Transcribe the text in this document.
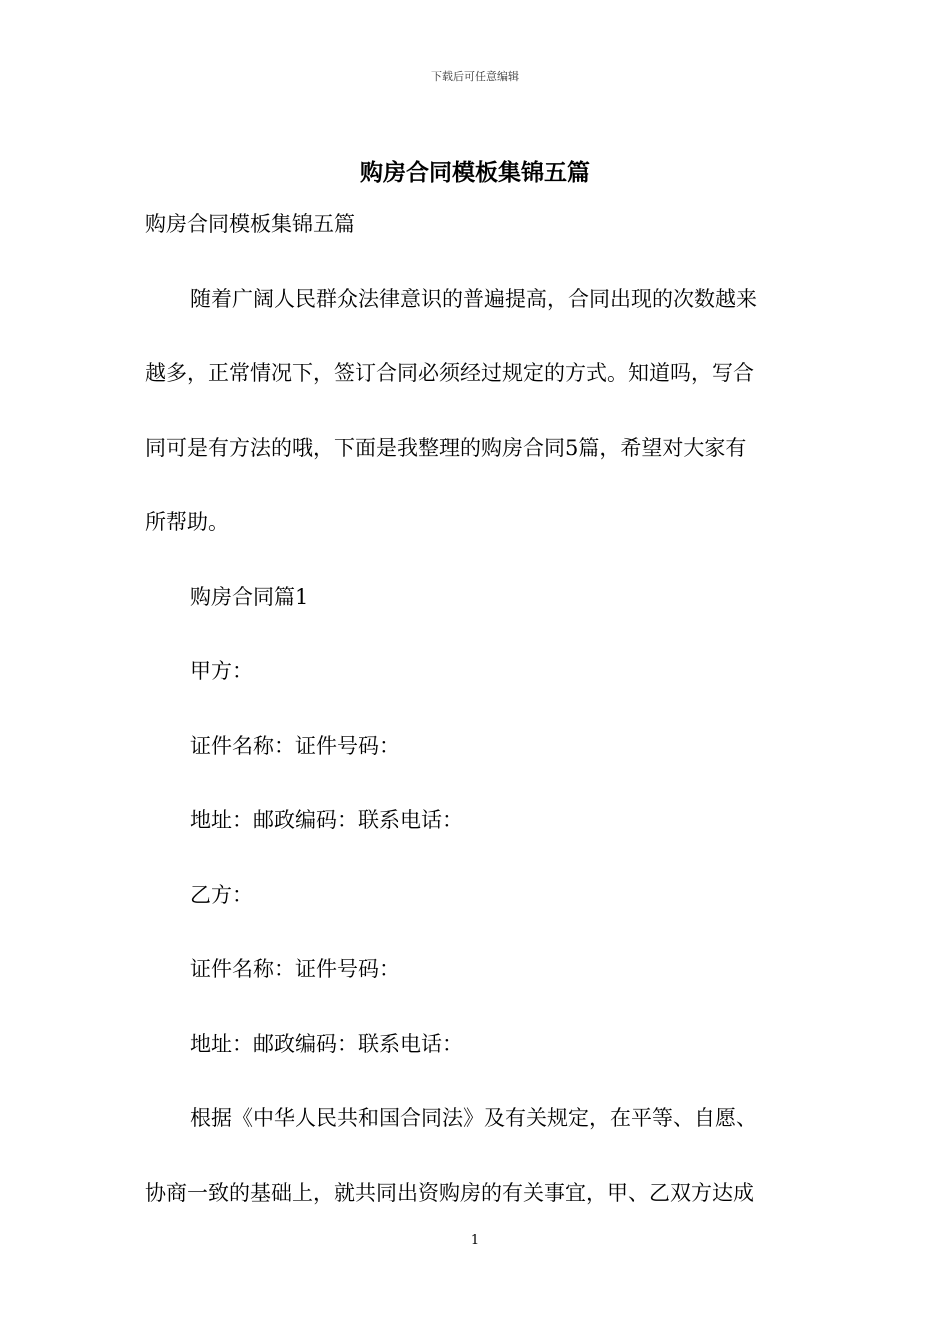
下载后可任意编辑
购房合同模板集锦五篇

购房合同模板集锦五篇

随着广阔人民群众法律意识的普遍提高，合同出现的次数越来

越多，正常情况下，签订合同必须经过规定的方式。知道吗，写合

同可是有方法的哦，下面是我整理的购房合同5篇，希望对大家有

所帮助。

购房合同篇1

甲方：

证件名称：证件号码：

地址：邮政编码：联系电话：

乙方：

证件名称：证件号码：

地址：邮政编码：联系电话：

根据《中华人民共和国合同法》及有关规定，在平等、自愿、

协商一致的基础上，就共同出资购房的有关事宜，甲、乙双方达成

1
